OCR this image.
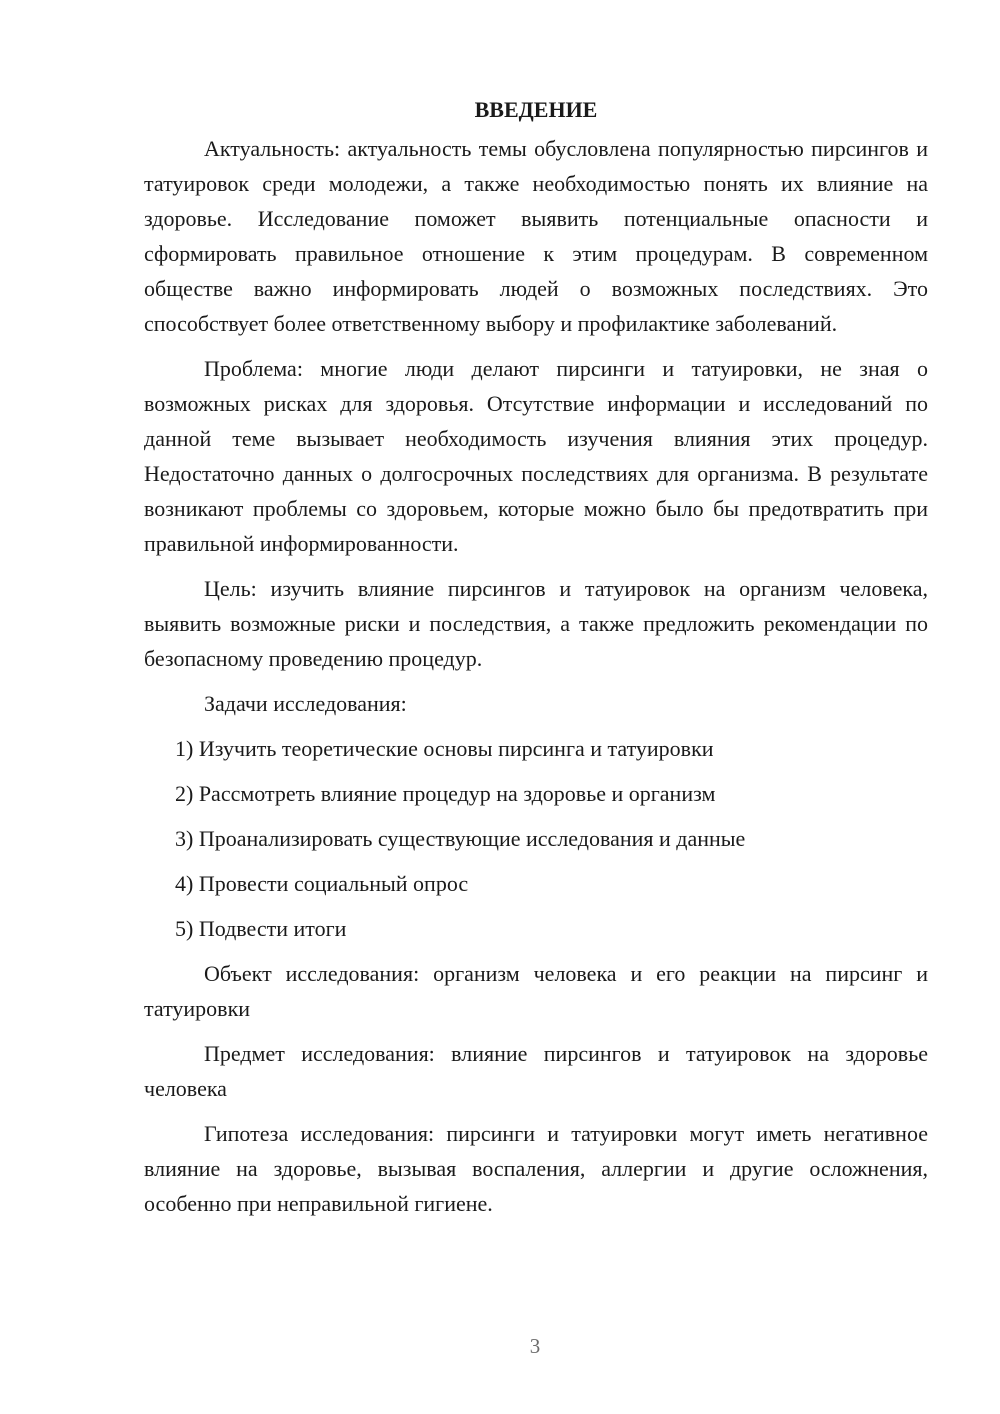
ВВЕДЕНИЕ

Актуальность: актуальность темы обусловлена популярностью пирсингов и татуировок среди молодежи, а также необходимостью понять их влияние на здоровье. Исследование поможет выявить потенциальные опасности и сформировать правильное отношение к этим процедурам. В современном обществе важно информировать людей о возможных последствиях. Это способствует более ответственному выбору и профилактике заболеваний.

Проблема: многие люди делают пирсинги и татуировки, не зная о возможных рисках для здоровья. Отсутствие информации и исследований по данной теме вызывает необходимость изучения влияния этих процедур. Недостаточно данных о долгосрочных последствиях для организма. В результате возникают проблемы со здоровьем, которые можно было бы предотвратить при правильной информированности.

Цель: изучить влияние пирсингов и татуировок на организм человека, выявить возможные риски и последствия, а также предложить рекомендации по безопасному проведению процедур.

Задачи исследования:

1) Изучить теоретические основы пирсинга и татуировки
2) Рассмотреть влияние процедур на здоровье и организм
3) Проанализировать существующие исследования и данные
4) Провести социальный опрос
5) Подвести итоги

Объект исследования: организм человека и его реакции на пирсинг и татуировки

Предмет исследования: влияние пирсингов и татуировок на здоровье человека

Гипотеза исследования: пирсинги и татуировки могут иметь негативное влияние на здоровье, вызывая воспаления, аллергии и другие осложнения, особенно при неправильной гигиене.

3
